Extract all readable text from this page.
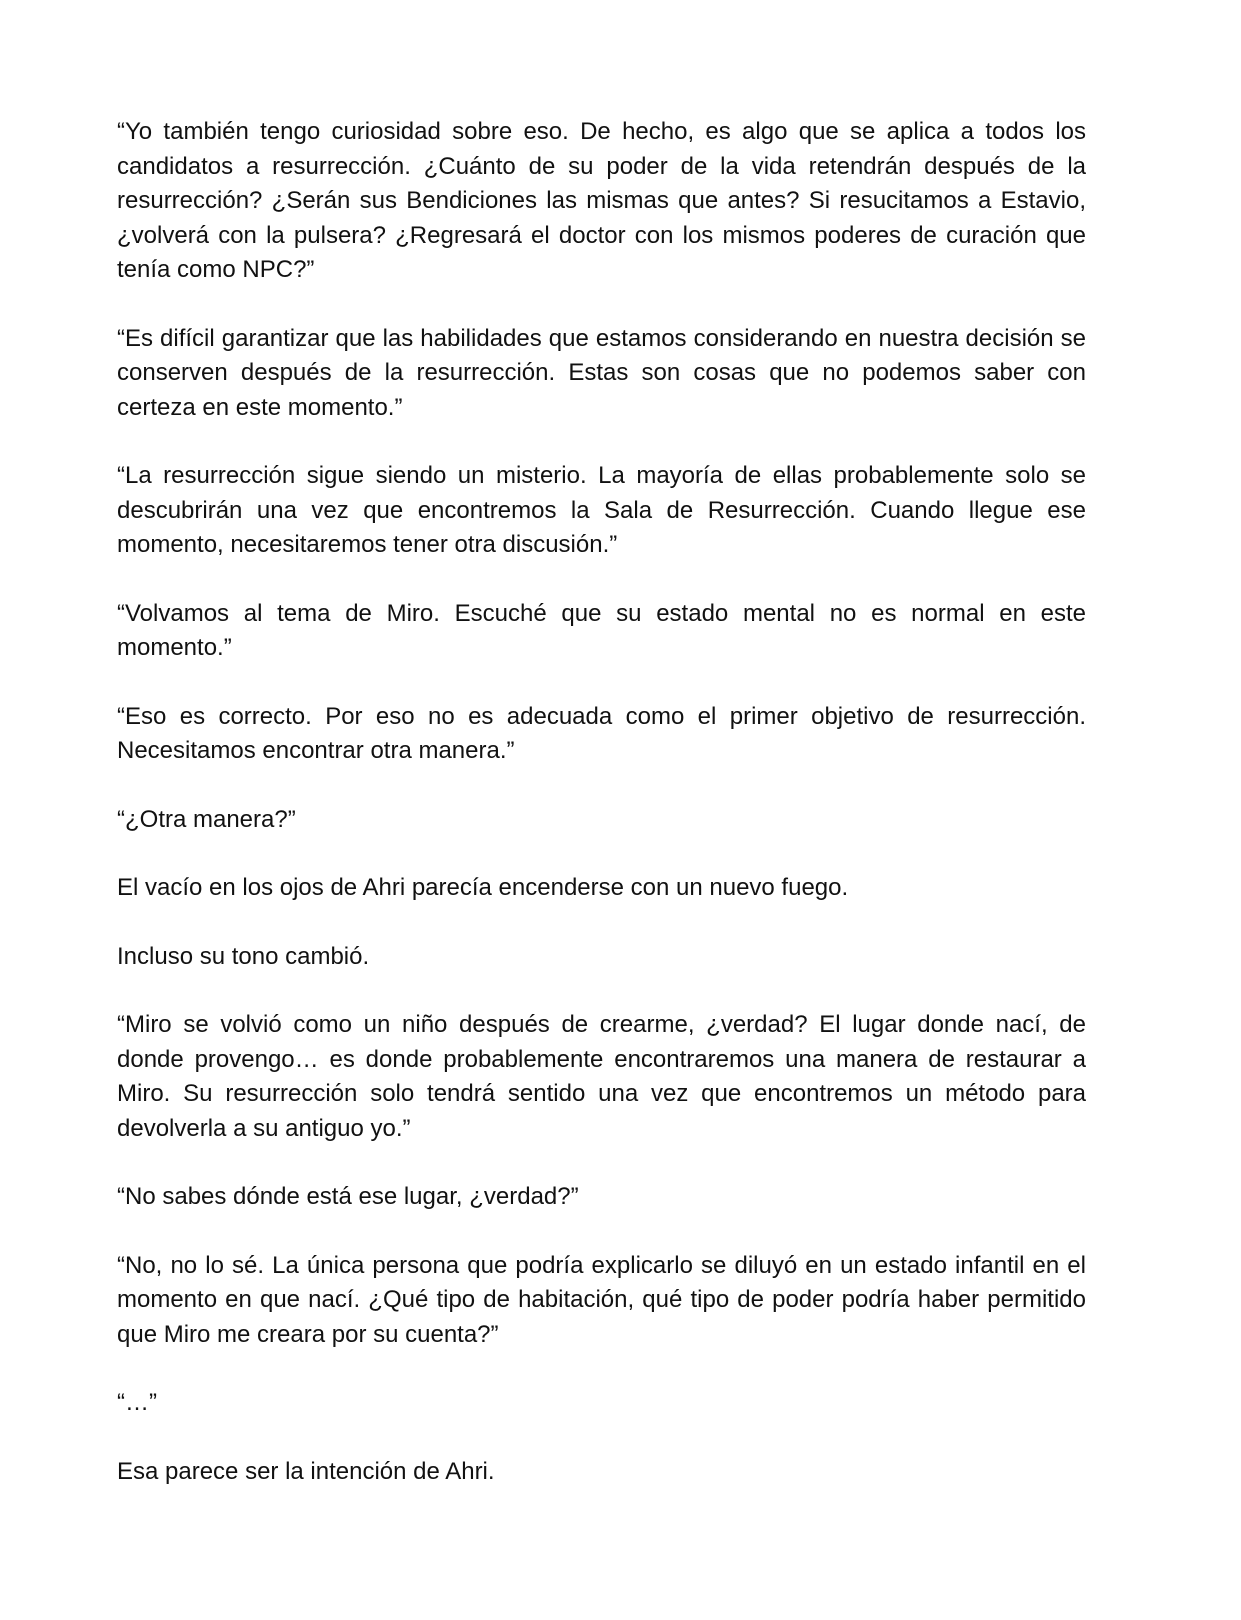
“Yo también tengo curiosidad sobre eso. De hecho, es algo que se aplica a todos los candidatos a resurrección. ¿Cuánto de su poder de la vida retendrán después de la resurrección? ¿Serán sus Bendiciones las mismas que antes? Si resucitamos a Estavio, ¿volverá con la pulsera? ¿Regresará el doctor con los mismos poderes de curación que tenía como NPC?”

“Es difícil garantizar que las habilidades que estamos considerando en nuestra decisión se conserven después de la resurrección. Estas son cosas que no podemos saber con certeza en este momento.”

“La resurrección sigue siendo un misterio. La mayoría de ellas probablemente solo se descubrirán una vez que encontremos la Sala de Resurrección. Cuando llegue ese momento, necesitaremos tener otra discusión.”

“Volvamos al tema de Miro. Escuché que su estado mental no es normal en este momento.”

“Eso es correcto. Por eso no es adecuada como el primer objetivo de resurrección. Necesitamos encontrar otra manera.”

“¿Otra manera?”

El vacío en los ojos de Ahri parecía encenderse con un nuevo fuego.

Incluso su tono cambió.

“Miro se volvió como un niño después de crearme, ¿verdad? El lugar donde nací, de donde provengo… es donde probablemente encontraremos una manera de restaurar a Miro. Su resurrección solo tendrá sentido una vez que encontremos un método para devolverla a su antiguo yo.”

“No sabes dónde está ese lugar, ¿verdad?”

“No, no lo sé. La única persona que podría explicarlo se diluyó en un estado infantil en el momento en que nací. ¿Qué tipo de habitación, qué tipo de poder podría haber permitido que Miro me creara por su cuenta?”

“…”

Esa parece ser la intención de Ahri.
